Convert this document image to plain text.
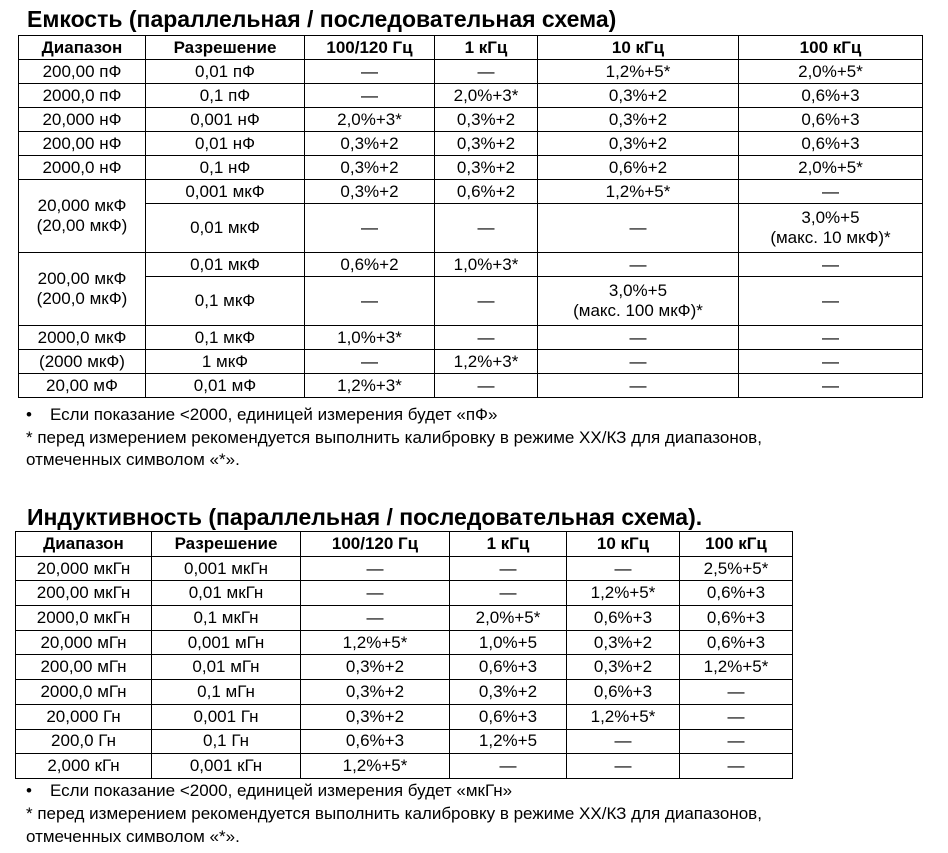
Емкость (параллельная / последовательная схема)
Диапазон	Разрешение	100/120 Гц	1 кГц	10 кГц	100 кГц
200,00 пФ	0,01 пФ	—	—	1,2%+5*	2,0%+5*
2000,0 пФ	0,1 пФ	—	2,0%+3*	0,3%+2	0,6%+3
20,000 нФ	0,001 нФ	2,0%+3*	0,3%+2	0,3%+2	0,6%+3
200,00 нФ	0,01 нФ	0,3%+2	0,3%+2	0,3%+2	0,6%+3
2000,0 нФ	0,1 нФ	0,3%+2	0,3%+2	0,6%+2	2,0%+5*
20,000 мкФ
(20,00 мкФ)	0,001 мкФ	0,3%+2	0,6%+2	1,2%+5*	—
	0,01 мкФ	—	—	—	3,0%+5
(макс. 10 мкФ)*
200,00 мкФ
(200,0 мкФ)	0,01 мкФ	0,6%+2	1,0%+3*	—	—
	0,1 мкФ	—	—	3,0%+5
(макс. 100 мкФ)*	—
2000,0 мкФ	0,1 мкФ	1,0%+3*	—	—	—
(2000 мкФ)	1 мкФ	—	1,2%+3*	—	—
20,00 мФ	0,01 мФ	1,2%+3*	—	—	—
• Если показание <2000, единицей измерения будет «пФ»
* перед измерением рекомендуется выполнить калибровку в режиме ХХ/КЗ для диапазонов,
отмеченных символом «*».
Индуктивность (параллельная / последовательная схема).
Диапазон	Разрешение	100/120 Гц	1 кГц	10 кГц	100 кГц
20,000 мкГн	0,001 мкГн	—	—	—	2,5%+5*
200,00 мкГн	0,01 мкГн	—	—	1,2%+5*	0,6%+3
2000,0 мкГн	0,1 мкГн	—	2,0%+5*	0,6%+3	0,6%+3
20,000 мГн	0,001 мГн	1,2%+5*	1,0%+5	0,3%+2	0,6%+3
200,00 мГн	0,01 мГн	0,3%+2	0,6%+3	0,3%+2	1,2%+5*
2000,0 мГн	0,1 мГн	0,3%+2	0,3%+2	0,6%+3	—
20,000 Гн	0,001 Гн	0,3%+2	0,6%+3	1,2%+5*	—
200,0 Гн	0,1 Гн	0,6%+3	1,2%+5	—	—
2,000 кГн	0,001 кГн	1,2%+5*	—	—	—
• Если показание <2000, единицей измерения будет «мкГн»
* перед измерением рекомендуется выполнить калибровку в режиме ХХ/КЗ для диапазонов,
отмеченных символом «*».
